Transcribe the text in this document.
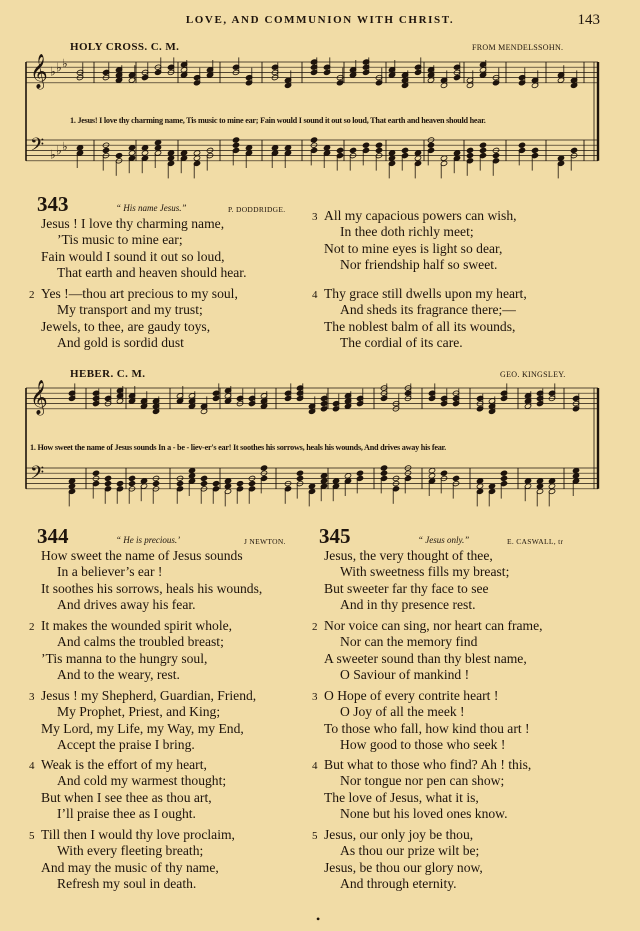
LOVE, AND COMMUNION WITH CHRIST.	143
HOLY CROSS. C. M.	FROM MENDELSSOHN.
𝄞 ♭ ♭ ♭
𝄢 ♭ ♭ ♭
1. Jesus! I love thy charming name, Tis music to mine ear; Fain would I sound it out so loud, That earth and heaven should hear.
343	“ His name Jesus.”	P. DODDRIDGE.
Jesus ! I love thy charming name,
’Tis music to mine ear;
Fain would I sound it out so loud,
That earth and heaven should hear.
2 Yes !—thou art precious to my soul,
My transport and my trust;
Jewels, to thee, are gaudy toys,
And gold is sordid dust
3 All my capacious powers can wish,
In thee doth richly meet;
Not to mine eyes is light so dear,
Nor friendship half so sweet.
4 Thy grace still dwells upon my heart,
And sheds its fragrance there;—
The noblest balm of all its wounds,
The cordial of its care.
HEBER. C. M.	GEO. KINGSLEY.
𝄞
𝄢
1. How sweet the name of Jesus sounds In a - be - liev-er's ear! It soothes his sorrows, heals his wounds, And drives away his fear.
344	“ He is precious.’	J NEWTON. 345	“ Jesus only.”	E. CASWALL, tr
How sweet the name of Jesus sounds
In a believer’s ear !
It soothes his sorrows, heals his wounds,
And drives away his fear.
2 It makes the wounded spirit whole,
And calms the troubled breast;
’Tis manna to the hungry soul,
And to the weary, rest.
3 Jesus ! my Shepherd, Guardian, Friend,
My Prophet, Priest, and King;
My Lord, my Life, my Way, my End,
Accept the praise I bring.
4 Weak is the effort of my heart,
And cold my warmest thought;
But when I see thee as thou art,
I’ll praise thee as I ought.
5 Till then I would thy love proclaim,
With every fleeting breath;
And may the music of thy name,
Refresh my soul in death.
Jesus, the very thought of thee,
With sweetness fills my breast;
But sweeter far thy face to see
And in thy presence rest.
2 Nor voice can sing, nor heart can frame,
Nor can the memory find
A sweeter sound than thy blest name,
O Saviour of mankind !
3 O Hope of every contrite heart !
O Joy of all the meek !
To those who fall, how kind thou art !
How good to those who seek !
4 But what to those who find? Ah ! this,
Nor tongue nor pen can show;
The love of Jesus, what it is,
None but his loved ones know.
5 Jesus, our only joy be thou,
As thou our prize wilt be;
Jesus, be thou our glory now,
And through eternity.
•
